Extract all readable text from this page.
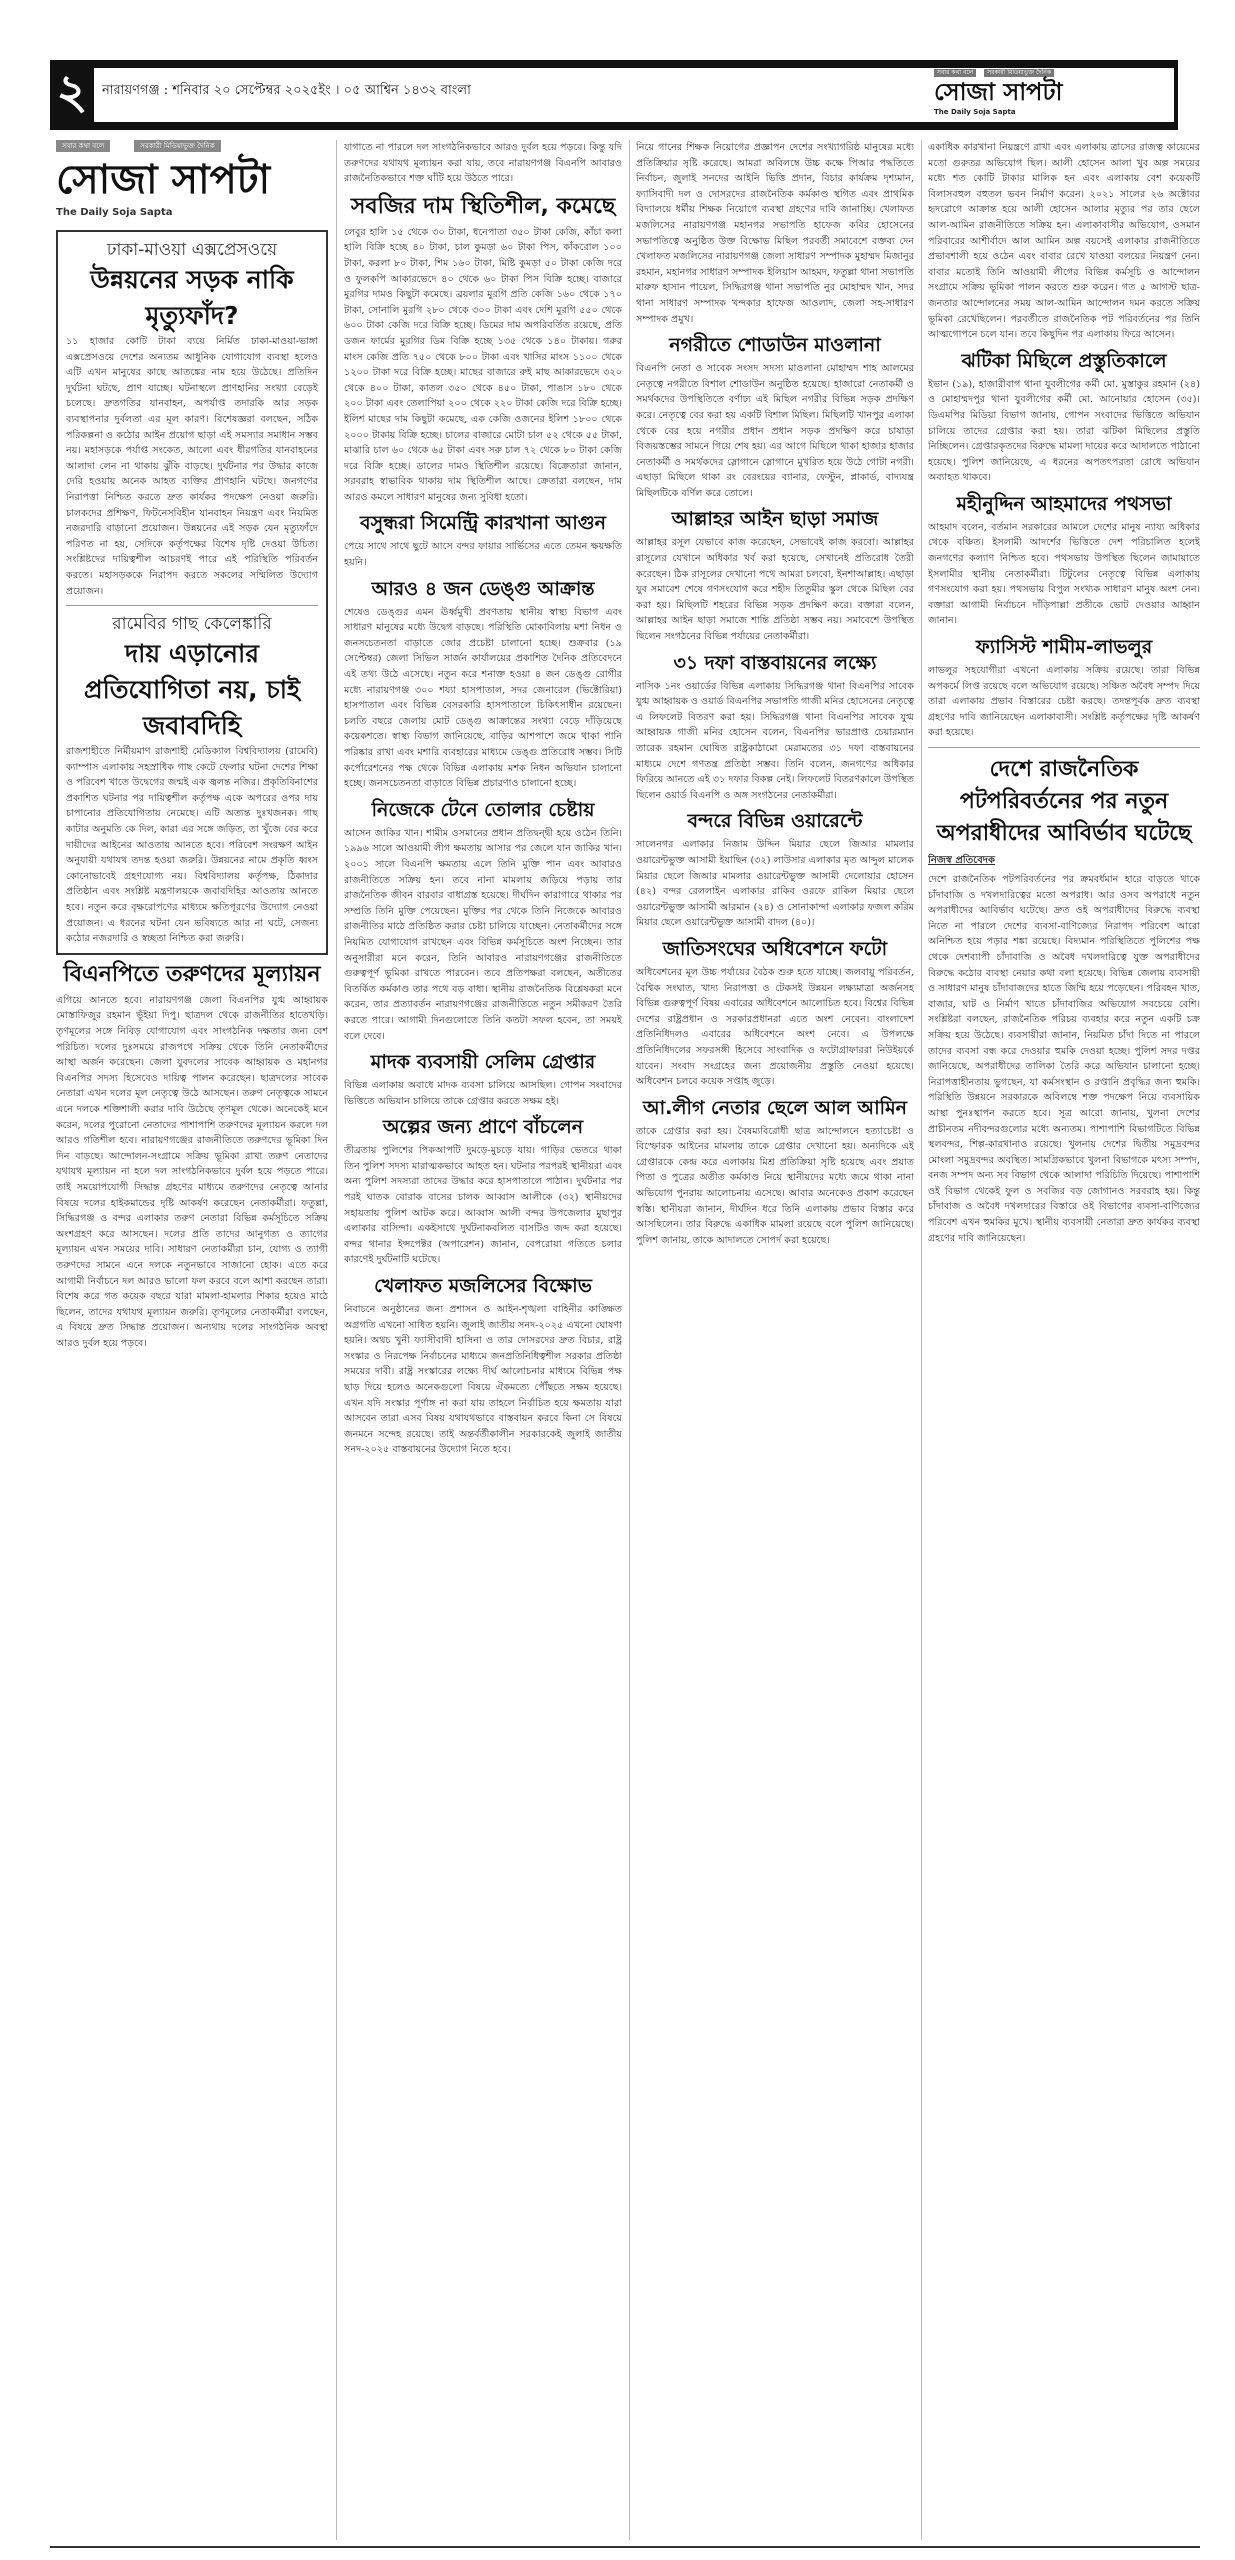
২	নারায়ণগঞ্জ : শনিবার ২০ সেপ্টেম্বর ২০২৫ইং । ০৫ আশ্বিন ১৪৩২ বাংলা
সবার কথা বলে	সরকারী মিডিয়াভুক্ত দৈনিক
সোজা সাপটা
The Daily Soja Sapta
সবার কথা বলে	সরকারী মিডিয়াভুক্ত দৈনিক
সোজা সাপটা
The Daily Soja Sapta
ঢাকা-মাওয়া এক্সপ্রেসওয়ে
উন্নয়নের সড়ক নাকি মৃত্যুফাঁদ?

১১ হাজার কোটি টাকা ব্যয়ে নির্মিত ঢাকা-মাওয়া-ভাঙ্গা এক্সপ্রেসওয়ে দেশের অন্যতম আধুনিক যোগাযোগ ব্যবস্থা হলেও এটি এখন মানুষের কাছে আতঙ্কের নাম হয়ে উঠেছে। প্রতিদিন দুর্ঘটনা ঘটছে, প্রাণ যাচ্ছে। ঘটনাস্থলে প্রাণহানির সংখ্যা বেড়েই চলেছে। দ্রুতগতির যানবাহন, অপর্যাপ্ত তদারকি আর সড়ক ব্যবস্থাপনার দুর্বলতা এর মূল কারণ। বিশেষজ্ঞরা বলছেন, সঠিক পরিকল্পনা ও কঠোর আইন প্রয়োগ ছাড়া এই সমস্যার সমাধান সম্ভব নয়। মহাসড়কে পর্যাপ্ত সংকেত, আলো এবং ধীরগতির যানবাহনের আলাদা লেন না থাকায় ঝুঁকি বাড়ছে। দুর্ঘটনার পর উদ্ধার কাজে দেরি হওয়ায় অনেক আহত ব্যক্তির প্রাণহানি ঘটছে। জনগণের নিরাপত্তা নিশ্চিত করতে দ্রুত কার্যকর পদক্ষেপ নেওয়া জরুরি। চালকদের প্রশিক্ষণ, ফিটনেসবিহীন যানবাহন নিয়ন্ত্রণ এবং নিয়মিত নজরদারি বাড়ানো প্রয়োজন। উন্নয়নের এই সড়ক যেন মৃত্যুফাঁদে পরিণত না হয়, সেদিকে কর্তৃপক্ষের বিশেষ দৃষ্টি দেওয়া উচিত। সংশ্লিষ্টদের দায়িত্বশীল আচরণই পারে এই পরিস্থিতি পরিবর্তন করতে। মহাসড়ককে নিরাপদ করতে সকলের সম্মিলিত উদ্যোগ প্রয়োজন।

রামেবির গাছ কেলেঙ্কারি
দায় এড়ানোর প্রতিযোগিতা নয়, চাই জবাবদিহি

রাজশাহীতে নির্মীয়মাণ রাজশাহী মেডিক্যাল বিশ্ববিদ্যালয় (রামেবি) ক্যাম্পাস এলাকায় সহস্রাধিক গাছ কেটে ফেলার ঘটনা দেশের শিক্ষা ও পরিবেশ খাতে উদ্বেগের জন্মই এক জ্বলন্ত নজির। প্রকৃতিবিনাশের প্রকাশিত ঘটনার পর দায়িত্বশীল কর্তৃপক্ষ একে অপরের ওপর দায় চাপানোর প্রতিযোগিতায় নেমেছে। এটি অত্যন্ত দুঃখজনক। গাছ কাটার অনুমতি কে দিল, কারা এর সঙ্গে জড়িত, তা খুঁজে বের করে দায়ীদের আইনের আওতায় আনতে হবে। পরিবেশ সংরক্ষণ আইন অনুযায়ী যথাযথ তদন্ত হওয়া জরুরি। উন্নয়নের নামে প্রকৃতি ধ্বংস কোনোভাবেই গ্রহণযোগ্য নয়। বিশ্ববিদ্যালয় কর্তৃপক্ষ, ঠিকাদার প্রতিষ্ঠান এবং সংশ্লিষ্ট মন্ত্রণালয়কে জবাবদিহির আওতায় আনতে হবে। নতুন করে বৃক্ষরোপণের মাধ্যমে ক্ষতিপূরণের উদ্যোগ নেওয়া প্রয়োজন। এ ধরনের ঘটনা যেন ভবিষ্যতে আর না ঘটে, সেজন্য কঠোর নজরদারি ও স্বচ্ছতা নিশ্চিত করা জরুরি।

বিএনপিতে তরুণদের মূল্যায়ন

এগিয়ে আনতে হবে। নারায়ণগঞ্জ জেলা বিএনপির যুগ্ম আহ্বায়ক মোস্তাফিজুর রহমান ভূঁইয়া দিপু। ছাত্রদল থেকে রাজনীতির হাতেখড়ি। তৃণমূলের সঙ্গে নিবিড় যোগাযোগ এবং সাংগঠনিক দক্ষতার জন্য বেশ পরিচিত। দলের দুঃসময়ে রাজপথে সক্রিয় থেকে তিনি নেতাকর্মীদের আস্থা অর্জন করেছেন। জেলা যুবদলের সাবেক আহ্বায়ক ও মহানগর বিএনপির সদস্য হিসেবেও দায়িত্ব পালন করেছেন। ছাত্রদলের সাবেক নেতারা এখন দলের মূল নেতৃত্বে উঠে আসছেন। তরুণ নেতৃত্বকে সামনে এনে দলকে শক্তিশালী করার দাবি উঠেছে তৃণমূল থেকে। অনেকেই মনে করেন, দলের পুরোনো নেতাদের পাশাপাশি তরুণদের মূল্যায়ন করলে দল আরও গতিশীল হবে। নারায়ণগঞ্জের রাজনীতিতে তরুণদের ভূমিকা দিন দিন বাড়ছে। আন্দোলন-সংগ্রামে সক্রিয় ভূমিকা রাখা তরুণ নেতাদের যথাযথ মূল্যায়ন না হলে দল সাংগঠনিকভাবে দুর্বল হয়ে পড়তে পারে। তাই সময়োপযোগী সিদ্ধান্ত গ্রহণের মাধ্যমে তরুণদের নেতৃত্বে আনার বিষয়ে দলের হাইকমান্ডের দৃষ্টি আকর্ষণ করেছেন নেতাকর্মীরা। ফতুল্লা, সিদ্ধিরগঞ্জ ও বন্দর এলাকার তরুণ নেতারা বিভিন্ন কর্মসূচিতে সক্রিয় অংশগ্রহণ করে আসছেন। দলের প্রতি তাদের আনুগত্য ও ত্যাগের মূল্যায়ন এখন সময়ের দাবি। সাধারণ নেতাকর্মীরা চান, যোগ্য ও ত্যাগী তরুণদের সামনে এনে দলকে নতুনভাবে সাজানো হোক। এতে করে আগামী নির্বাচনে দল আরও ভালো ফল করবে বলে আশা করছেন তারা। বিশেষ করে গত কয়েক বছরে যারা মামলা-হামলার শিকার হয়েও মাঠে ছিলেন, তাদের যথাযথ মূল্যায়ন জরুরি। তৃণমূলের নেতাকর্মীরা বলছেন, এ বিষয়ে দ্রুত সিদ্ধান্ত প্রয়োজন। অন্যথায় দলের সাংগঠনিক অবস্থা আরও দুর্বল হয়ে পড়বে।

যাগাতে না পারলে দল সাংগঠনিকভাবে আরও দুর্বল হয়ে পড়বে। কিন্তু যদি তরুণদের যথাযথ মূল্যায়ন করা যায়, তবে নারায়ণগঞ্জ বিএনপি আবারও রাজনৈতিকভাবে শক্ত ঘাঁটি হয়ে উঠতে পারে।

সবজির দাম স্থিতিশীল, কমেছে

লেবুর হালি ১৫ থেকে ৩০ টাকা, ধনেপাতা ৩৫০ টাকা কেজি, কাঁচা কলা হালি বিক্রি হচ্ছে ৪০ টাকা, চাল কুমড়া ৬০ টাকা পিস, কাঁকরোল ১০০ টাকা, করলা ৮০ টাকা, শিম ১৬০ টাকা, মিষ্টি কুমড়া ৫০ টাকা কেজি দরে ও ফুলকপি আকারভেদে ৪০ থেকে ৬০ টাকা পিস বিক্রি হচ্ছে। বাজারে মুরগির দামও কিছুটা কমেছে। ব্রয়লার মুরগি প্রতি কেজি ১৬০ থেকে ১৭০ টাকা, সোনালি মুরগি ২৮০ থেকে ৩০০ টাকা এবং দেশি মুরগি ৫৫০ থেকে ৬০০ টাকা কেজি দরে বিক্রি হচ্ছে। ডিমের দাম অপরিবর্তিত রয়েছে, প্রতি ডজন ফার্মের মুরগির ডিম বিক্রি হচ্ছে ১৩৫ থেকে ১৪০ টাকায়। গরুর মাংস কেজি প্রতি ৭৫০ থেকে ৮০০ টাকা এবং খাসির মাংস ১১০০ থেকে ১২০০ টাকা দরে বিক্রি হচ্ছে। মাছের বাজারে রুই মাছ আকারভেদে ৩২০ থেকে ৪০০ টাকা, কাতল ৩৫০ থেকে ৪৫০ টাকা, পাঙাস ১৮০ থেকে ২০০ টাকা এবং তেলাপিয়া ২০০ থেকে ২২০ টাকা কেজি দরে বিক্রি হচ্ছে। ইলিশ মাছের দাম কিছুটা কমেছে, এক কেজি ওজনের ইলিশ ১৮০০ থেকে ২০০০ টাকায় বিক্রি হচ্ছে। চালের বাজারে মোটা চাল ৫২ থেকে ৫৫ টাকা, মাঝারি চাল ৬০ থেকে ৬৫ টাকা এবং সরু চাল ৭২ থেকে ৮০ টাকা কেজি দরে বিক্রি হচ্ছে। ডালের দামও স্থিতিশীল রয়েছে। বিক্রেতারা জানান, সরবরাহ স্বাভাবিক থাকায় দাম স্থিতিশীল আছে। ক্রেতারা বলছেন, দাম আরও কমলে সাধারণ মানুষের জন্য সুবিধা হতো।

বসুন্ধরা সিমেন্ট্রি কারখানা আগুন

পেয়ে সাথে সাথে ছুটে আসে বন্দর ফায়ার সার্ভিসের এতে তেমন ক্ষয়ক্ষতি হয়নি।

আরও ৪ জন ডেঙ্গু আক্রান্ত

শেষেও ডেঙ্গুর এমন ঊর্ধ্বমুখী প্রবণতায় স্থানীয় স্বাস্থ্য বিভাগ এবং সাধারণ মানুষের মধ্যে উদ্বেগ বাড়ছে। পরিস্থিতি মোকাবিলায় মশা নিধন ও জনসচেতনতা বাড়াতে জোর প্রচেষ্টা চালানো হচ্ছে। শুক্রবার (১৯ সেপ্টেম্বর) জেলা সিভিল সার্জন কার্যালয়ের প্রকাশিত দৈনিক প্রতিবেদনে এই তথ্য উঠে এসেছে। নতুন করে শনাক্ত হওয়া ৪ জন ডেঙ্গু রোগীর মধ্যে নারায়ণগঞ্জ ৩০০ শয্যা হাসপাতাল, সদর জেনারেল (ভিক্টোরিয়া) হাসপাতাল এবং বিভিন্ন বেসরকারি হাসপাতালে চিকিৎসাধীন রয়েছেন। চলতি বছরে জেলায় মোট ডেঙ্গু আক্রান্তের সংখ্যা বেড়ে দাঁড়িয়েছে কয়েকশতে। স্বাস্থ্য বিভাগ জানিয়েছে, বাড়ির আশপাশে জমে থাকা পানি পরিষ্কার রাখা এবং মশারি ব্যবহারের মাধ্যমে ডেঙ্গু প্রতিরোধ সম্ভব। সিটি কর্পোরেশনের পক্ষ থেকে বিভিন্ন এলাকায় মশক নিধন অভিযান চালানো হচ্ছে। জনসচেতনতা বাড়াতে বিভিন্ন প্রচারণাও চালানো হচ্ছে।

নিজেকে টেনে তোলার চেষ্টায়

আসেন জাকির খান। শামীম ওসমানের প্রধান প্রতিদ্বন্দ্বী হয়ে ওঠেন তিনি। ১৯৯৬ সালে আওয়ামী লীগ ক্ষমতায় আসার পর জেলে যান জাকির খান। ২০০১ সালে বিএনপি ক্ষমতায় এলে তিনি মুক্তি পান এবং আবারও রাজনীতিতে সক্রিয় হন। তবে নানা মামলায় জড়িয়ে পড়ায় তার রাজনৈতিক জীবন বারবার বাধাগ্রস্ত হয়েছে। দীর্ঘদিন কারাগারে থাকার পর সম্প্রতি তিনি মুক্তি পেয়েছেন। মুক্তির পর থেকে তিনি নিজেকে আবারও রাজনীতির মাঠে প্রতিষ্ঠিত করার চেষ্টা চালিয়ে যাচ্ছেন। নেতাকর্মীদের সঙ্গে নিয়মিত যোগাযোগ রাখছেন এবং বিভিন্ন কর্মসূচিতে অংশ নিচ্ছেন। তার অনুসারীরা মনে করেন, তিনি আবারও নারায়ণগঞ্জের রাজনীতিতে গুরুত্বপূর্ণ ভূমিকা রাখতে পারবেন। তবে প্রতিপক্ষরা বলছেন, অতীতের বিতর্কিত কর্মকাণ্ড তার পথে বড় বাধা। স্থানীয় রাজনৈতিক বিশ্লেষকরা মনে করেন, তার প্রত্যাবর্তন নারায়ণগঞ্জের রাজনীতিতে নতুন সমীকরণ তৈরি করতে পারে। আগামী দিনগুলোতে তিনি কতটা সফল হবেন, তা সময়ই বলে দেবে।

মাদক ব্যবসায়ী সেলিম গ্রেপ্তার

বিভিন্ন এলাকায় অবাধে মাদক ব্যবসা চালিয়ে আসছিল। গোপন সংবাদের ভিত্তিতে অভিযান চালিয়ে তাকে গ্রেপ্তার করতে সক্ষম হই।

অল্পের জন্য প্রাণে বাঁচলেন

তীব্রতায় পুলিশের পিকআপটি দুমড়ে-মুচড়ে যায়। গাড়ির ভেতরে থাকা তিন পুলিশ সদস্য মারাত্মকভাবে আহত হন। ঘটনার পরপরই স্থানীয়রা এবং অন্য পুলিশ সদস্যরা তাদের উদ্ধার করে হাসপাতালে পাঠান। দুর্ঘটনার পর পরই ঘাতক বোরাক বাসের চালক আব্বাস আলীকে (৩২) স্থানীয়দের সহায়তায় পুলিশ আটক করে। আব্বাস আলী বন্দর উপজেলার মুছাপুর এলাকার বাসিন্দা। একইসাথে দুর্ঘটনাকবলিত বাসটিও জব্দ করা হয়েছে। বন্দর থানার ইন্সপেক্টর (অপারেশন) জানান, বেপরোয়া গতিতে চলার কারণেই দুর্ঘটনাটি ঘটেছে।

খেলাফত মজলিসের বিক্ষোভ

নিবাচনে অনুষ্ঠানের জন্য প্রশাসন ও আইন-শৃঙ্খলা বাহিনীর কাঙ্ক্ষিত অগ্রগতি এখনো সাধিত হয়নি। জুলাই জাতীয় সনদ-২০২৫ এখনো ঘোষণা হয়নি। অথচ খুনী ফ্যাসীবাদী হাসিনা ও তার দোসরদের দ্রুত বিচার, রাষ্ট্র সংস্কার ও নিরপেক্ষ নির্বাচনের মাধ্যমে জনপ্রতিনিধিত্বশীল সরকার প্রতিষ্ঠা সময়ের দাবী। রাষ্ট্র সংস্কারের লক্ষ্যে দীর্ঘ আলোচনার মাধ্যমে বিভিন্ন পক্ষ ছাড় দিয়ে হলেও অনেকগুলো বিষয়ে ঐকমত্যে পৌঁছতে সক্ষম হয়েছে। এখন যদি সংস্কার পূর্ণাঙ্গ না করা যায় তাহলে নির্বাচিত হয়ে ক্ষমতায় যারা আসবেন তারা এসব বিষয় যথাযথভাবে বাস্তবায়ন করবে কিনা সে বিষয়ে জনমনে সন্দেহ রয়েছে। তাই অন্তর্বর্তীকালীন সরকারকেই জুলাই জাতীয় সনদ-২০২৫ বাস্তবায়নের উদ্যোগ নিতে হবে।

নিয়ে গানের শিক্ষক নিয়োগের প্রজ্ঞাপন দেশের সংখ্যাগরিষ্ঠ মানুষের মধ্যে প্রতিক্রিয়ার সৃষ্টি করেছে। আমরা অবিলম্বে উচ্চ কক্ষে পিআর পদ্ধতিতে নির্বাচন, জুলাই সনদের আইনি ভিত্তি প্রদান, বিচার কার্যক্রম দৃশ্যমান, ফ্যাসিবাদী দল ও দোসরদের রাজনৈতিক কর্মকাণ্ড স্থগিত এবং প্রাথমিক বিদ্যালয়ে ধর্মীয় শিক্ষক নিয়োগে ব্যবস্থা গ্রহণের দাবি জানাচ্ছি। খেলাফত মজলিসের নারায়ণগঞ্জ মহানগর সভাপতি হাফেজ কবির হোসেনের সভাপতিত্বে অনুষ্ঠিত উক্ত বিক্ষোভ মিছিল পরবর্তী সমাবেশে বক্তব্য দেন খেলাফত মজলিসের নারায়ণগঞ্জ জেলা সাধারণ সম্পাদক মুহাম্মদ মিজানুর রহমান, মহানগর সাধারণ সম্পাদক ইলিয়াস আহমদ, ফতুল্লা থানা সভাপতি মারুফ হাসান পায়েল, সিদ্ধিরগঞ্জ থানা সভাপতি নুর মোহাম্মদ খান, সদর থানা সাধারণ সম্পাদক খন্দকার হাফেজ আওলাদ, জেলা সহ-সাধারণ সম্পাদক প্রমুখ।

নগরীতে শোডাউন মাওলানা

বিএনপি নেতা ও সাবেক সংসদ সদস্য মাওলানা মোহাম্মদ শাহ আলমের নেতৃত্বে নগরীতে বিশাল শোডাউন অনুষ্ঠিত হয়েছে। হাজারো নেতাকর্মী ও সমর্থকদের উপস্থিতিতে বর্ণাঢ্য এই মিছিল নগরীর বিভিন্ন সড়ক প্রদক্ষিণ করে। নেতৃত্বে বের করা হয় একটি বিশাল মিছিল। মিছিলটি খানপুর এলাকা থেকে বের হয়ে নগরীর প্রধান প্রধান সড়ক প্রদক্ষিণ করে চাষাড়া বিজয়স্তম্ভের সামনে গিয়ে শেষ হয়। এর আগে মিছিলে থাকা হাজার হাজার নেতাকর্মী ও সমর্থকদের স্লোগানে স্লোগানে মুখরিত হয়ে উঠে গোটা নগরী। এছাড়া মিছিলে থাকা রং বেরংয়ের ব্যানার, ফেস্টুন, প্লাকার্ড, বাদ্যযন্ত্র মিছিলটিকে বর্ণিল করে তোলে।

আল্লাহর আইন ছাড়া সমাজ

আল্লাহর রসূল যেভাবে কাজ করেছেন, সেভাবেই কাজ করবো। আল্লাহর রাসূলের যেখানে অধিকার খর্ব করা হয়েছে, সেখানেই প্রতিরোধ তৈরী করেছেন। ঠিক রাসূলের দেখানো পথে আমরা চলবো, ইনশাআল্লাহ। এছাড়া যুব সমাবেশ শেষে গণসংযোগ করে শহীদ তিতুমীর স্কুল থেকে মিছিল বের করা হয়। মিছিলটি শহরের বিভিন্ন সড়ক প্রদক্ষিণ করে। বক্তারা বলেন, আল্লাহর আইন ছাড়া সমাজে শান্তি প্রতিষ্ঠা সম্ভব নয়। সমাবেশে উপস্থিত ছিলেন সংগঠনের বিভিন্ন পর্যায়ের নেতাকর্মীরা।

৩১ দফা বাস্তবায়নের লক্ষ্যে

নাসিক ১নং ওয়ার্ডের বিভিন্ন এলাকায় সিদ্ধিরগঞ্জ থানা বিএনপির সাবেক যুগ্ম আহ্বায়ক ও ওয়ার্ড বিএনপির সভাপতি গাজী মনির হোসেনের নেতৃত্বে এ লিফলেট বিতরণ করা হয়। সিদ্ধিরগঞ্জ থানা বিএনপির সাবেক যুগ্ম আহ্বায়ক গাজী মনির হোসেন বলেন, বিএনপির ভারপ্রাপ্ত চেয়ারম্যান তারেক রহমান ঘোষিত রাষ্ট্রকাঠামো মেরামতের ৩১ দফা বাস্তবায়নের মাধ্যমে দেশে গণতন্ত্র প্রতিষ্ঠা সম্ভব। তিনি বলেন, জনগণের অধিকার ফিরিয়ে আনতে এই ৩১ দফার বিকল্প নেই। লিফলেট বিতরণকালে উপস্থিত ছিলেন ওয়ার্ড বিএনপি ও অঙ্গ সংগঠনের নেতাকর্মীরা।

বন্দরে বিভিন্ন ওয়ারেন্টে

সালেনগর এলাকার নিজাম উদ্দিন মিয়ার ছেলে জিআর মামলার ওয়ারেন্টভুক্ত আসামী ইয়াছিন (৩২) লাউসার এলাকার মৃত আব্দুল মালেক মিয়ার ছেলে জিআর মামলার ওয়ারেন্টভুক্ত আসামী দেলোয়ার হোসেন (৪২) বন্দর রেললাইন এলাকার রাকিব ওরফে রাকিল মিয়ার ছেলে ওয়ারেন্টভুক্ত আসামী আরমান (২৪) ও সোনাকান্দা এলাকার ফজল করিম মিয়ার ছেলে ওয়ারেন্টভুক্ত আসামী বাদল (৪০)।

জাতিসংঘের অধিবেশনে ফটো

অধিবেশনের মূল উচ্চ পর্যায়ের বৈঠক শুরু হতে যাচ্ছে। জলবায়ু পরিবর্তন, বৈশ্বিক সংঘাত, খাদ্য নিরাপত্তা ও টেকসই উন্নয়ন লক্ষ্যমাত্রা অর্জনসহ বিভিন্ন গুরুত্বপূর্ণ বিষয় এবারের অধিবেশনে আলোচিত হবে। বিশ্বের বিভিন্ন দেশের রাষ্ট্রপ্রধান ও সরকারপ্রধানরা এতে অংশ নেবেন। বাংলাদেশ প্রতিনিধিদলও এবারের অধিবেশনে অংশ নেবে। এ উপলক্ষে প্রতিনিধিদলের সফরসঙ্গী হিসেবে সাংবাদিক ও ফটোগ্রাফাররা নিউইয়র্কে যাবেন। সংবাদ সংগ্রহের জন্য প্রয়োজনীয় প্রস্তুতি নেওয়া হয়েছে। অধিবেশন চলবে কয়েক সপ্তাহ জুড়ে।

আ.লীগ নেতার ছেলে আল আমিন

তাকে গ্রেপ্তার করা হয়। বৈষম্যবিরোধী ছাত্র আন্দোলনে হত্যাচেষ্টা ও বিস্ফোরক আইনের মামলায় তাকে গ্রেপ্তার দেখানো হয়। অন্যদিকে এই গ্রেপ্তারকে কেন্দ্র করে এলাকায় মিশ্র প্রতিক্রিয়া সৃষ্টি হয়েছে এবং প্রয়াত পিতা ও পুত্রের অতীত কর্মকাণ্ড নিয়ে স্থানীয়দের মধ্যে জমে থাকা নানা অভিযোগ পুনরায় আলোচনায় এসেছে। আবার অনেকেও প্রকাশ করেছেন স্বস্তি। স্থানীয়রা জানান, দীর্ঘদিন ধরে তিনি এলাকায় প্রভাব বিস্তার করে আসছিলেন। তার বিরুদ্ধে একাধিক মামলা রয়েছে বলে পুলিশ জানিয়েছে। পুলিশ জানায়, তাকে আদালতে সোপর্দ করা হয়েছে।

একাধিক কারখানা নিয়ন্ত্রণে রাখা এবং এলাকায় ত্রাসের রাজত্ব কায়েমের মতো গুরুতর অভিযোগ ছিল। আলী হোসেন আলা খুব অল্প সময়ের মধ্যে শত কোটি টাকার মালিক হন এবং এলাকায় বেশ কয়েকটি বিলাসবহুল বহুতল ভবন নির্মাণ করেন। ২০২১ সালের ২৬ অক্টোবর হৃদরোগে আক্রান্ত হয়ে আলী হোসেন আলার মৃত্যুর পর তার ছেলে আল-আমিন রাজনীতিতে সক্রিয় হন। এলাকাবাসীর অভিযোগ, ওসমান পরিবারের আশীর্বাদে আল আমিন অল্প বয়সেই এলাকার রাজনীতিতে প্রভাবশালী হয়ে ওঠেন এবং বাবার রেখে যাওয়া বলয়ের নিয়ন্ত্রণ নেন। বাবার মতোই তিনি আওয়ামী লীগের বিভিন্ন কর্মসূচি ও আন্দোলন সংগ্রামে সক্রিয় ভূমিকা পালন করতে শুরু করেন। গত ৫ আগস্ট ছাত্র-জনতার আন্দোলনের সময় আল-আমিন আন্দোলন দমন করতে সক্রিয় ভূমিকা রেখেছিলেন। পরবর্তীতে রাজনৈতিক পট পরিবর্তনের পর তিনি আত্মগোপনে চলে যান। তবে কিছুদিন পর এলাকায় ফিরে আসেন।

ঝটিকা মিছিলে প্রস্তুতিকালে

ইভান (১৯), হাজারীবাগ থানা যুবলীগের কর্মী মো. মুস্তাকুর রহমান (২৪) ও মোহাম্মদপুর থানা যুবলীগের কর্মী মো. আনোয়ার হোসেন (৩৫)। ডিএমপির মিডিয়া বিভাগ জানায়, গোপন সংবাদের ভিত্তিতে অভিযান চালিয়ে তাদের গ্রেপ্তার করা হয়। তারা ঝটিকা মিছিলের প্রস্তুতি নিচ্ছিলেন। গ্রেপ্তারকৃতদের বিরুদ্ধে মামলা দায়ের করে আদালতে পাঠানো হয়েছে। পুলিশ জানিয়েছে, এ ধরনের অপতৎপরতা রোধে অভিযান অব্যাহত থাকবে।

মহীনুদ্দিন আহমাদের পথসভা

আহমাদ বলেন, বর্তমান সরকারের আমলে দেশের মানুষ ন্যায্য অধিকার থেকে বঞ্চিত। ইসলামী আদর্শের ভিত্তিতে দেশ পরিচালিত হলেই জনগণের কল্যাণ নিশ্চিত হবে। পথসভায় উপস্থিত ছিলেন জামায়াতে ইসলামীর স্থানীয় নেতাকর্মীরা। টিটুলের নেতৃত্বে বিভিন্ন এলাকায় গণসংযোগ করা হয়। পথসভায় বিপুল সংখ্যক সাধারণ মানুষ অংশ নেন। বক্তারা আগামী নির্বাচনে দাঁড়িপাল্লা প্রতীকে ভোট দেওয়ার আহ্বান জানান।

ফ্যাসিস্ট শামীম-লাভলুর

লাভলুর সহযোগীরা এখনো এলাকায় সক্রিয় রয়েছে। তারা বিভিন্ন অপকর্মে লিপ্ত রয়েছে বলে অভিযোগ রয়েছে। সঞ্চিত অবৈধ সম্পদ দিয়ে তারা এলাকায় প্রভাব বিস্তারের চেষ্টা করছে। তদন্তপূর্বক দ্রুত ব্যবস্থা গ্রহণের দাবি জানিয়েছেন এলাকাবাসী। সংশ্লিষ্ট কর্তৃপক্ষের দৃষ্টি আকর্ষণ করা হয়েছে।

দেশে রাজনৈতিক পটপরিবর্তনের পর নতুন অপরাধীদের আবির্ভাব ঘটেছে
নিজস্ব প্রতিবেদক

দেশে রাজনৈতিক পটপরিবর্তনের পর ক্রমবর্ধমান হারে বাড়তে থাকে চাঁদাবাজি ও দখলদারিত্বের মতো অপরাধ। আর ওসব অপরাধে নতুন অপরাধীদের আবির্ভাব ঘটেছে। দ্রুত ওই অপরাধীদের বিরুদ্ধে ব্যবস্থা নিতে না পারলে দেশের ব্যবসা-বাণিজ্যের নিরাপদ পরিবেশ আরো অনিশ্চিত হয়ে পড়ার শঙ্কা রয়েছে। বিদ্যমান পরিস্থিতিতে পুলিশের পক্ষ থেকে দেশব্যাপী চাঁদাবাজি ও অবৈধ দখলদারিত্বে যুক্ত অপরাধীদের বিরুদ্ধে কঠোর ব্যবস্থা নেয়ার কথা বলা হয়েছে। বিভিন্ন জেলায় ব্যবসায়ী ও সাধারণ মানুষ চাঁদাবাজদের হাতে জিম্মি হয়ে পড়েছেন। পরিবহন খাত, বাজার, ঘাট ও নির্মাণ খাতে চাঁদাবাজির অভিযোগ সবচেয়ে বেশি। সংশ্লিষ্টরা বলছেন, রাজনৈতিক পরিচয় ব্যবহার করে নতুন একটি চক্র সক্রিয় হয়ে উঠেছে। ব্যবসায়ীরা জানান, নিয়মিত চাঁদা দিতে না পারলে তাদের ব্যবসা বন্ধ করে দেওয়ার হুমকি দেওয়া হচ্ছে। পুলিশ সদর দপ্তর জানিয়েছে, অপরাধীদের তালিকা তৈরি করে অভিযান চালানো হচ্ছে। নিরাপত্তাহীনতায় ভুগছেন, যা কর্মসংস্থান ও রপ্তানি প্রবৃদ্ধির জন্য হুমকি। পরিস্থিতি উন্নয়নে সরকারকে অবিলম্বে শক্ত পদক্ষেপ নিয়ে ব্যবসায়িক আস্থা পুনঃস্থাপন করতে হবে। সূত্র আরো জানায়, খুলনা দেশের প্রাচীনতম নদীবন্দরগুলোর মধ্যে অন্যতম। পাশাপাশি বিভাগটিতে বিভিন্ন স্থলবন্দর, শিল্প-কারখানাও রয়েছে। খুলনায় দেশের দ্বিতীয় সমুদ্রবন্দর মোংলা সমুদ্রবন্দর অবস্থিত। সামগ্রিকভাবে খুলনা বিভাগকে মৎস্য সম্পদ, বনজ সম্পদ অন্য সব বিভাগ থেকে আলাদা পরিচিতি দিয়েছে। পাশাপাশি ওই বিভাগ থেকেই ফুল ও সবজির বড় জোগানও সরবরাহ হয়। কিন্তু চাঁদাবাজ ও অবৈধ দখলদারের বিস্তারে ওই বিভাগের ব্যবসা-বাণিজ্যের পরিবেশ এখন হুমকির মুখে। স্থানীয় ব্যবসায়ী নেতারা দ্রুত কার্যকর ব্যবস্থা গ্রহণের দাবি জানিয়েছেন।
